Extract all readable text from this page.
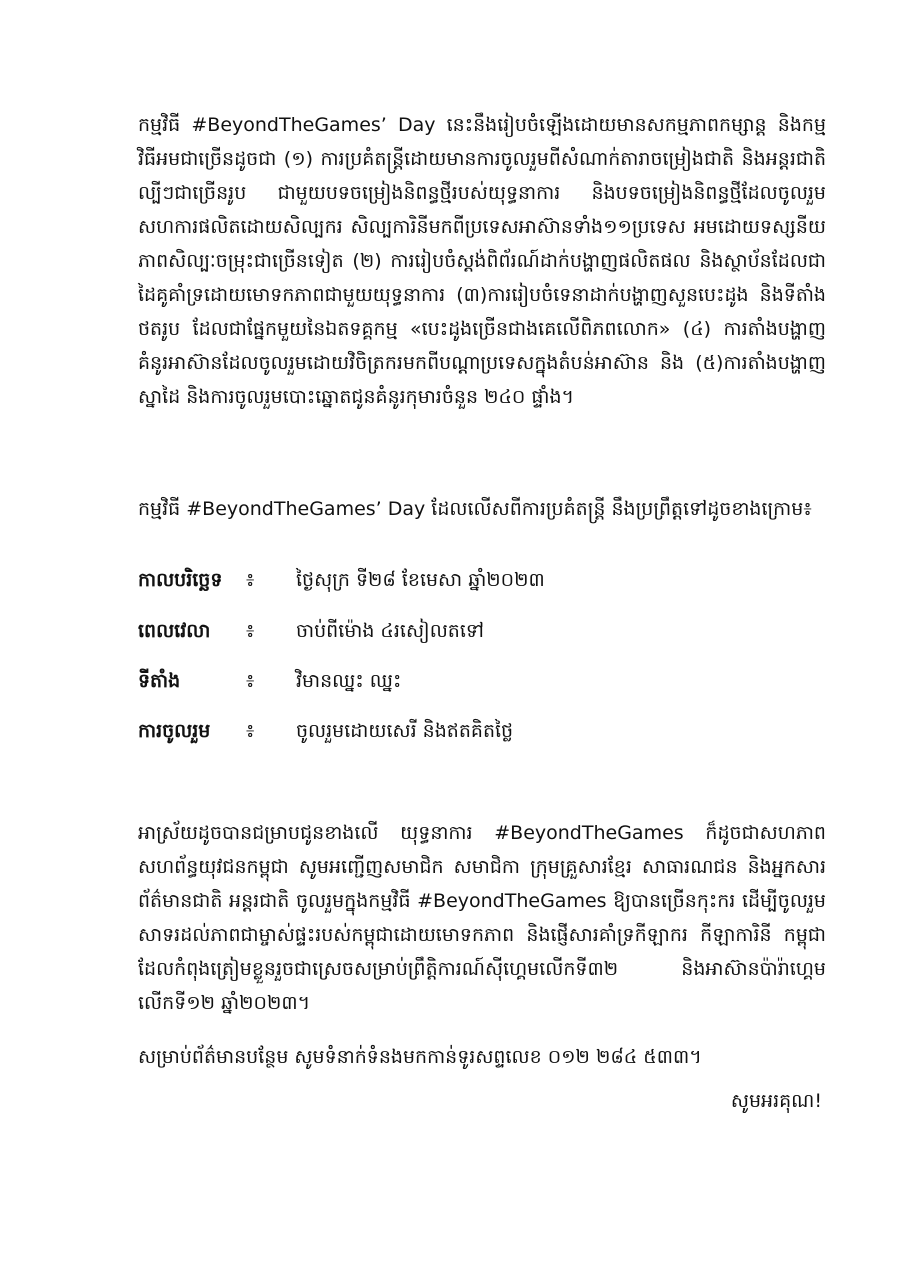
កម្មវិធី #BeyondTheGames’ Day នេះនឹងរៀបចំឡើងដោយមានសកម្មភាពកម្សាន្ត និងកម្មវិធីអមជាច្រើនដូចជា (១) ការប្រគំតន្ត្រីដោយមានការចូលរួមពីសំណាក់តារាចម្រៀងជាតិ និងអន្តរជាតិល្បីៗជាច្រើនរូប ជាមួយបទចម្រៀងនិពន្ធថ្មីរបស់យុទ្ធនាការ និងបទចម្រៀងនិពន្ធថ្មីដែលចូលរួមសហការផលិតដោយសិល្បករ សិល្បការិនីមកពីប្រទេសអាស៊ានទាំង១១ប្រទេស អមដោយទស្សនីយភាពសិល្បៈចម្រុះជាច្រើនទៀត (២) ការរៀបចំស្តង់ពិព័រណ៍ដាក់បង្ហាញផលិតផល និងស្ថាប័នដែលជាដៃគូគាំទ្រដោយមោទកភាពជាមួយយុទ្ធនាការ (៣)ការរៀបចំទេនាដាក់បង្ហាញសួនបេះដូង និងទីតាំងថតរូប ដែលជាផ្នែកមួយនៃឯតទគ្គកម្ម «បេះដូងច្រើនជាងគេលើពិភពលោក» (៤) ការតាំងបង្ហាញគំនូរអាស៊ានដែលចូលរួមដោយវិចិត្រករមកពីបណ្តាប្រទេសក្នុងតំបន់អាស៊ាន និង (៥)ការតាំងបង្ហាញស្នាដៃ និងការចូលរួមបោះឆ្នោតជូនគំនូរកុមារចំនួន ២៤០ ផ្ទាំង។

កម្មវិធី #BeyondTheGames’ Day ដែលលើសពីការប្រគំតន្ត្រី នឹងប្រព្រឹត្តទៅដូចខាងក្រោម៖
កាលបរិច្ឆេទ ៖ ថ្ងៃសុក្រ ទី២៨ ខែមេសា ឆ្នាំ២០២៣
ពេលវេលា ៖ ចាប់ពីម៉ោង ៤រសៀលតទៅ
ទីតាំង	៖ វិមានឈ្នះ ឈ្នះ
ការចូលរួម ៖ ចូលរួមដោយសេរី និងឥតគិតថ្លៃ

អាស្រ័យដូចបានជម្រាបជូនខាងលើ យុទ្ធនាការ #BeyondTheGames ក៏ដូចជាសហភាពសហព័ន្ធយុវជនកម្ពុជា សូមអញ្ជើញសមាជិក សមាជិកា ក្រុមគ្រួសារខ្មែរ សាធារណជន និងអ្នកសារព័ត៌មានជាតិ អន្តរជាតិ ចូលរួមក្នុងកម្មវិធី #BeyondTheGames ឱ្យបានច្រើនកុះករ ដើម្បីចូលរួមសាទរដល់ភាពជាម្ចាស់ផ្ទះរបស់កម្ពុជាដោយមោទកភាព និងផ្ញើសារគាំទ្រកីឡាករ កីឡាការិនី កម្ពុជាដែលកំពុងត្រៀមខ្លួនរួចជាស្រេចសម្រាប់ព្រឹត្តិការណ៍ស៊ីហ្គេមលើកទី៣២ និងអាស៊ានប៉ារ៉ាហ្គេមលើកទី១២ ឆ្នាំ២០២៣។

សម្រាប់ព័ត៌មានបន្ថែម សូមទំនាក់ទំនងមកកាន់ទូរសព្ទលេខ ០១២ ២៨៤ ៥៣៣។
សូមអរគុណ!
